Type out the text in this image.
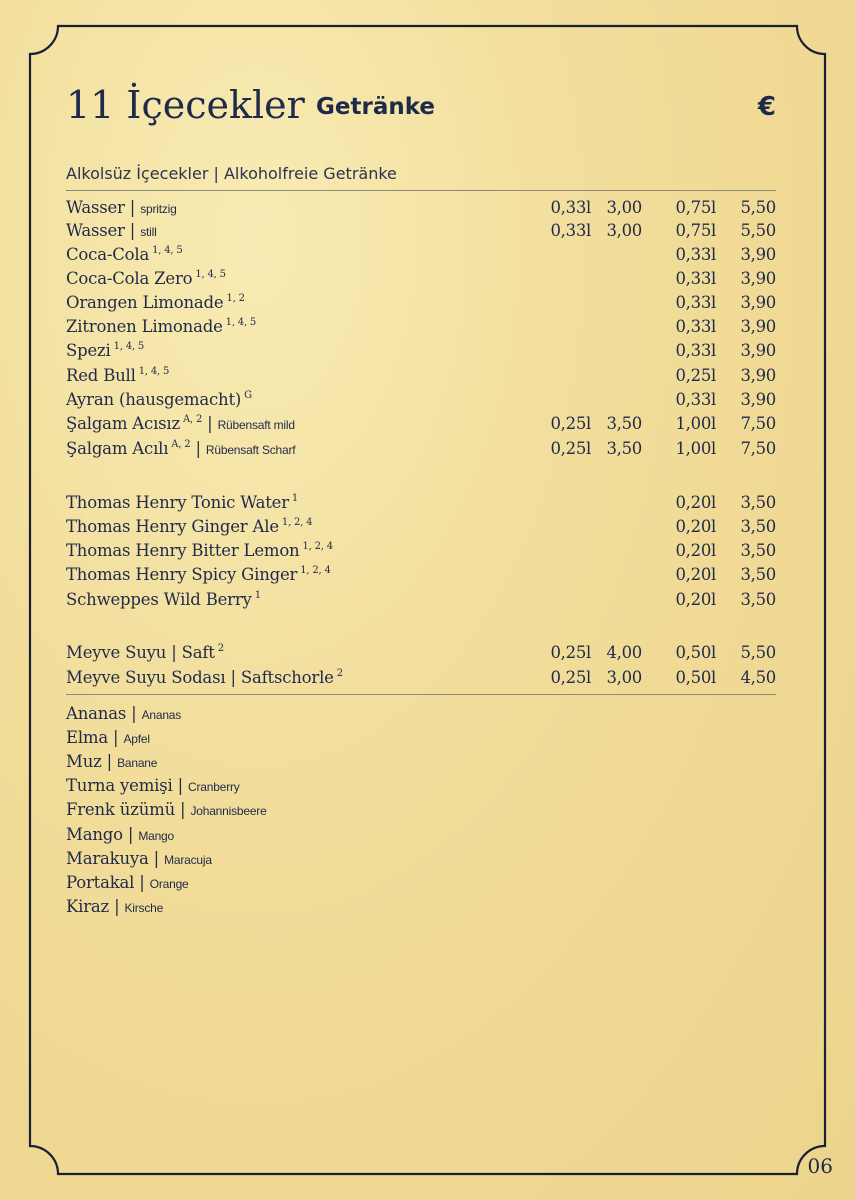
11 İçecekler Getränke	€
Alkolsüz İçecekler | Alkoholfreie Getränke
Wasser | spritzig	0,33l 3,00	0,75l	5,50
Wasser | still	0,33l 3,00	0,75l	5,50
Coca-Cola $^{1, 4, 5}$	0,33l	3,90
Coca-Cola Zero $^{1, 4, 5}$	0,33l	3,90
Orangen Limonade $^{1, 2}$	0,33l	3,90
Zitronen Limonade $^{1, 4, 5}$	0,33l	3,90
Spezi $^{1, 4, 5}$	0,33l	3,90
Red Bull $^{1, 4, 5}$	0,25l	3,90
Ayran (hausgemacht) $^G$	0,33l	3,90
Şalgam Acısız $^{A, 2}$ | Rübensaft mild	0,25l 3,50	1,00l	7,50
Şalgam Acılı $^{A, 2}$ | Rübensaft Scharf	0,25l 3,50	1,00l	7,50
Thomas Henry Tonic Water $^1$	0,20l	3,50
Thomas Henry Ginger Ale $^{1, 2, 4}$	0,20l	3,50
Thomas Henry Bitter Lemon $^{1, 2, 4}$	0,20l	3,50
Thomas Henry Spicy Ginger $^{1, 2, 4}$	0,20l	3,50
Schweppes Wild Berry $^1$	0,20l	3,50
Meyve Suyu | Saft $^2$	0,25l 4,00	0,50l	5,50
Meyve Suyu Sodası | Saftschorle $^2$	0,25l 3,00	0,50l	4,50
Ananas | Ananas
Elma | Apfel
Muz | Banane
Turna yemişi | Cranberry
Frenk üzümü | Johannisbeere
Mango | Mango
Marakuya | Maracuja
Portakal | Orange
Kiraz | Kirsche
06
